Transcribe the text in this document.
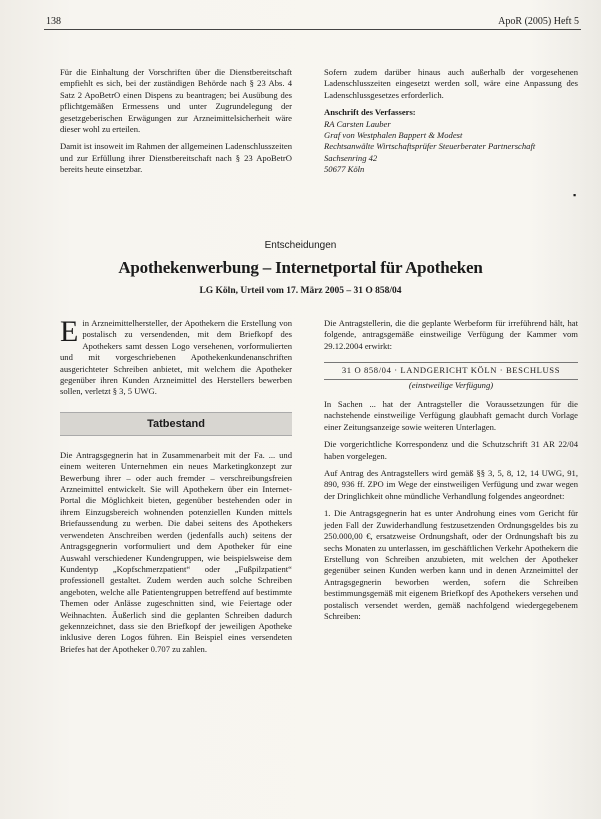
138	ApoR (2005) Heft 5

Für die Einhaltung der Vorschriften über die Dienstbereitschaft empfiehlt es sich, bei der zuständigen Behörde nach § 23 Abs. 4 Satz 2 ApoBetrO einen Dispens zu beantragen; bei Ausübung des pflichtgemäßen Ermessens und unter Zugrundelegung der gesetzgeberischen Erwägungen zur Arzneimittelsicherheit wäre dieser wohl zu erteilen.

Damit ist insoweit im Rahmen der allgemeinen Ladenschlusszeiten und zur Erfüllung ihrer Dienstbereitschaft nach § 23 ApoBetrO bereits heute einsetzbar.

Sofern zudem darüber hinaus auch außerhalb der vorgesehenen Ladenschlusszeiten eingesetzt werden soll, wäre eine Anpassung des Ladenschlussgesetzes erforderlich.

Anschrift des Verfassers:
RA Carsten Lauber
Graf von Westphalen Bappert & Modest
Rechtsanwälte Wirtschaftsprüfer Steuerberater Partnerschaft
Sachsenring 42
50677 Köln
▪
Entscheidungen
Apothekenwerbung – Internetportal für Apotheken
LG Köln, Urteil vom 17. März 2005 – 31 O 858/04
E in Arzneimittelhersteller, der Apothekern die Erstellung von postalisch zu versendenden, mit dem Briefkopf des Apothekers samt dessen Logo versehenen, vorformulierten und mit vorgeschriebenen Apothekenkundenanschriften ausgerichteter Schreiben anbietet, mit welchem die Apotheker gegenüber ihren Kunden Arzneimittel des Herstellers bewerben sollen, verletzt § 3, 5 UWG.
Tatbestand

Die Antragsgegnerin hat in Zusammenarbeit mit der Fa. ... und einem weiteren Unternehmen ein neues Marketingkonzept zur Bewerbung ihrer – oder auch fremder – verschreibungsfreien Arzneimittel entwickelt. Sie will Apothekern über ein Internet-Portal die Möglichkeit bieten, gegenüber bestehenden oder in ihrem Einzugsbereich wohnenden potenziellen Kunden mittels Briefaussendung zu werben. Die dabei seitens des Apothekers verwendeten Anschreiben werden (jedenfalls auch) seitens der Antragsgegnerin vorformuliert und dem Apotheker für eine Auswahl verschiedener Kundengruppen, wie beispielsweise dem Kundentyp „Kopfschmerzpatient“ oder „Fußpilzpatient“ professionell gestaltet. Zudem werden auch solche Schreiben angeboten, welche alle Patientengruppen betreffend auf bestimmte Themen oder Anlässe zugeschnitten sind, wie Feiertage oder Weihnachten. Äußerlich sind die geplanten Schreiben dadurch gekennzeichnet, dass sie den Briefkopf der jeweiligen Apotheke inklusive deren Logos führen. Ein Beispiel eines versendeten Briefes hat der Apotheker 0.707 zu zahlen.

Die Antragstellerin, die die geplante Werbeform für irreführend hält, hat folgende, antragsgemäße einstweilige Verfügung der Kammer vom 29.12.2004 erwirkt:

31 O 858/04 · LANDGERICHT KÖLN · BESCHLUSS
(einstweilige Verfügung)

In Sachen ... hat der Antragsteller die Voraussetzungen für die nachstehende einstweilige Verfügung glaubhaft gemacht durch Vorlage einer Zeitungsanzeige sowie weiteren Unterlagen.

Die vorgerichtliche Korrespondenz und die Schutzschrift 31 AR 22/04 haben vorgelegen.

Auf Antrag des Antragstellers wird gemäß §§ 3, 5, 8, 12, 14 UWG, 91, 890, 936 ff. ZPO im Wege der einstweiligen Verfügung und zwar wegen der Dringlichkeit ohne mündliche Verhandlung folgendes angeordnet:

1. Die Antragsgegnerin hat es unter Androhung eines vom Gericht für jeden Fall der Zuwiderhandlung festzusetzenden Ordnungsgeldes bis zu 250.000,00 €, ersatzweise Ordnungshaft, oder der Ordnungshaft bis zu sechs Monaten zu unterlassen, im geschäftlichen Verkehr Apothekern die Erstellung von Schreiben anzubieten, mit welchen der Apotheker gegenüber seinen Kunden werben kann und in denen Arzneimittel der Antragsgegnerin beworben werden, sofern die Schreiben bestimmungsgemäß mit eigenem Briefkopf des Apothekers versehen und postalisch versendet werden, gemäß nachfolgend wiedergegebenem Schreiben:
